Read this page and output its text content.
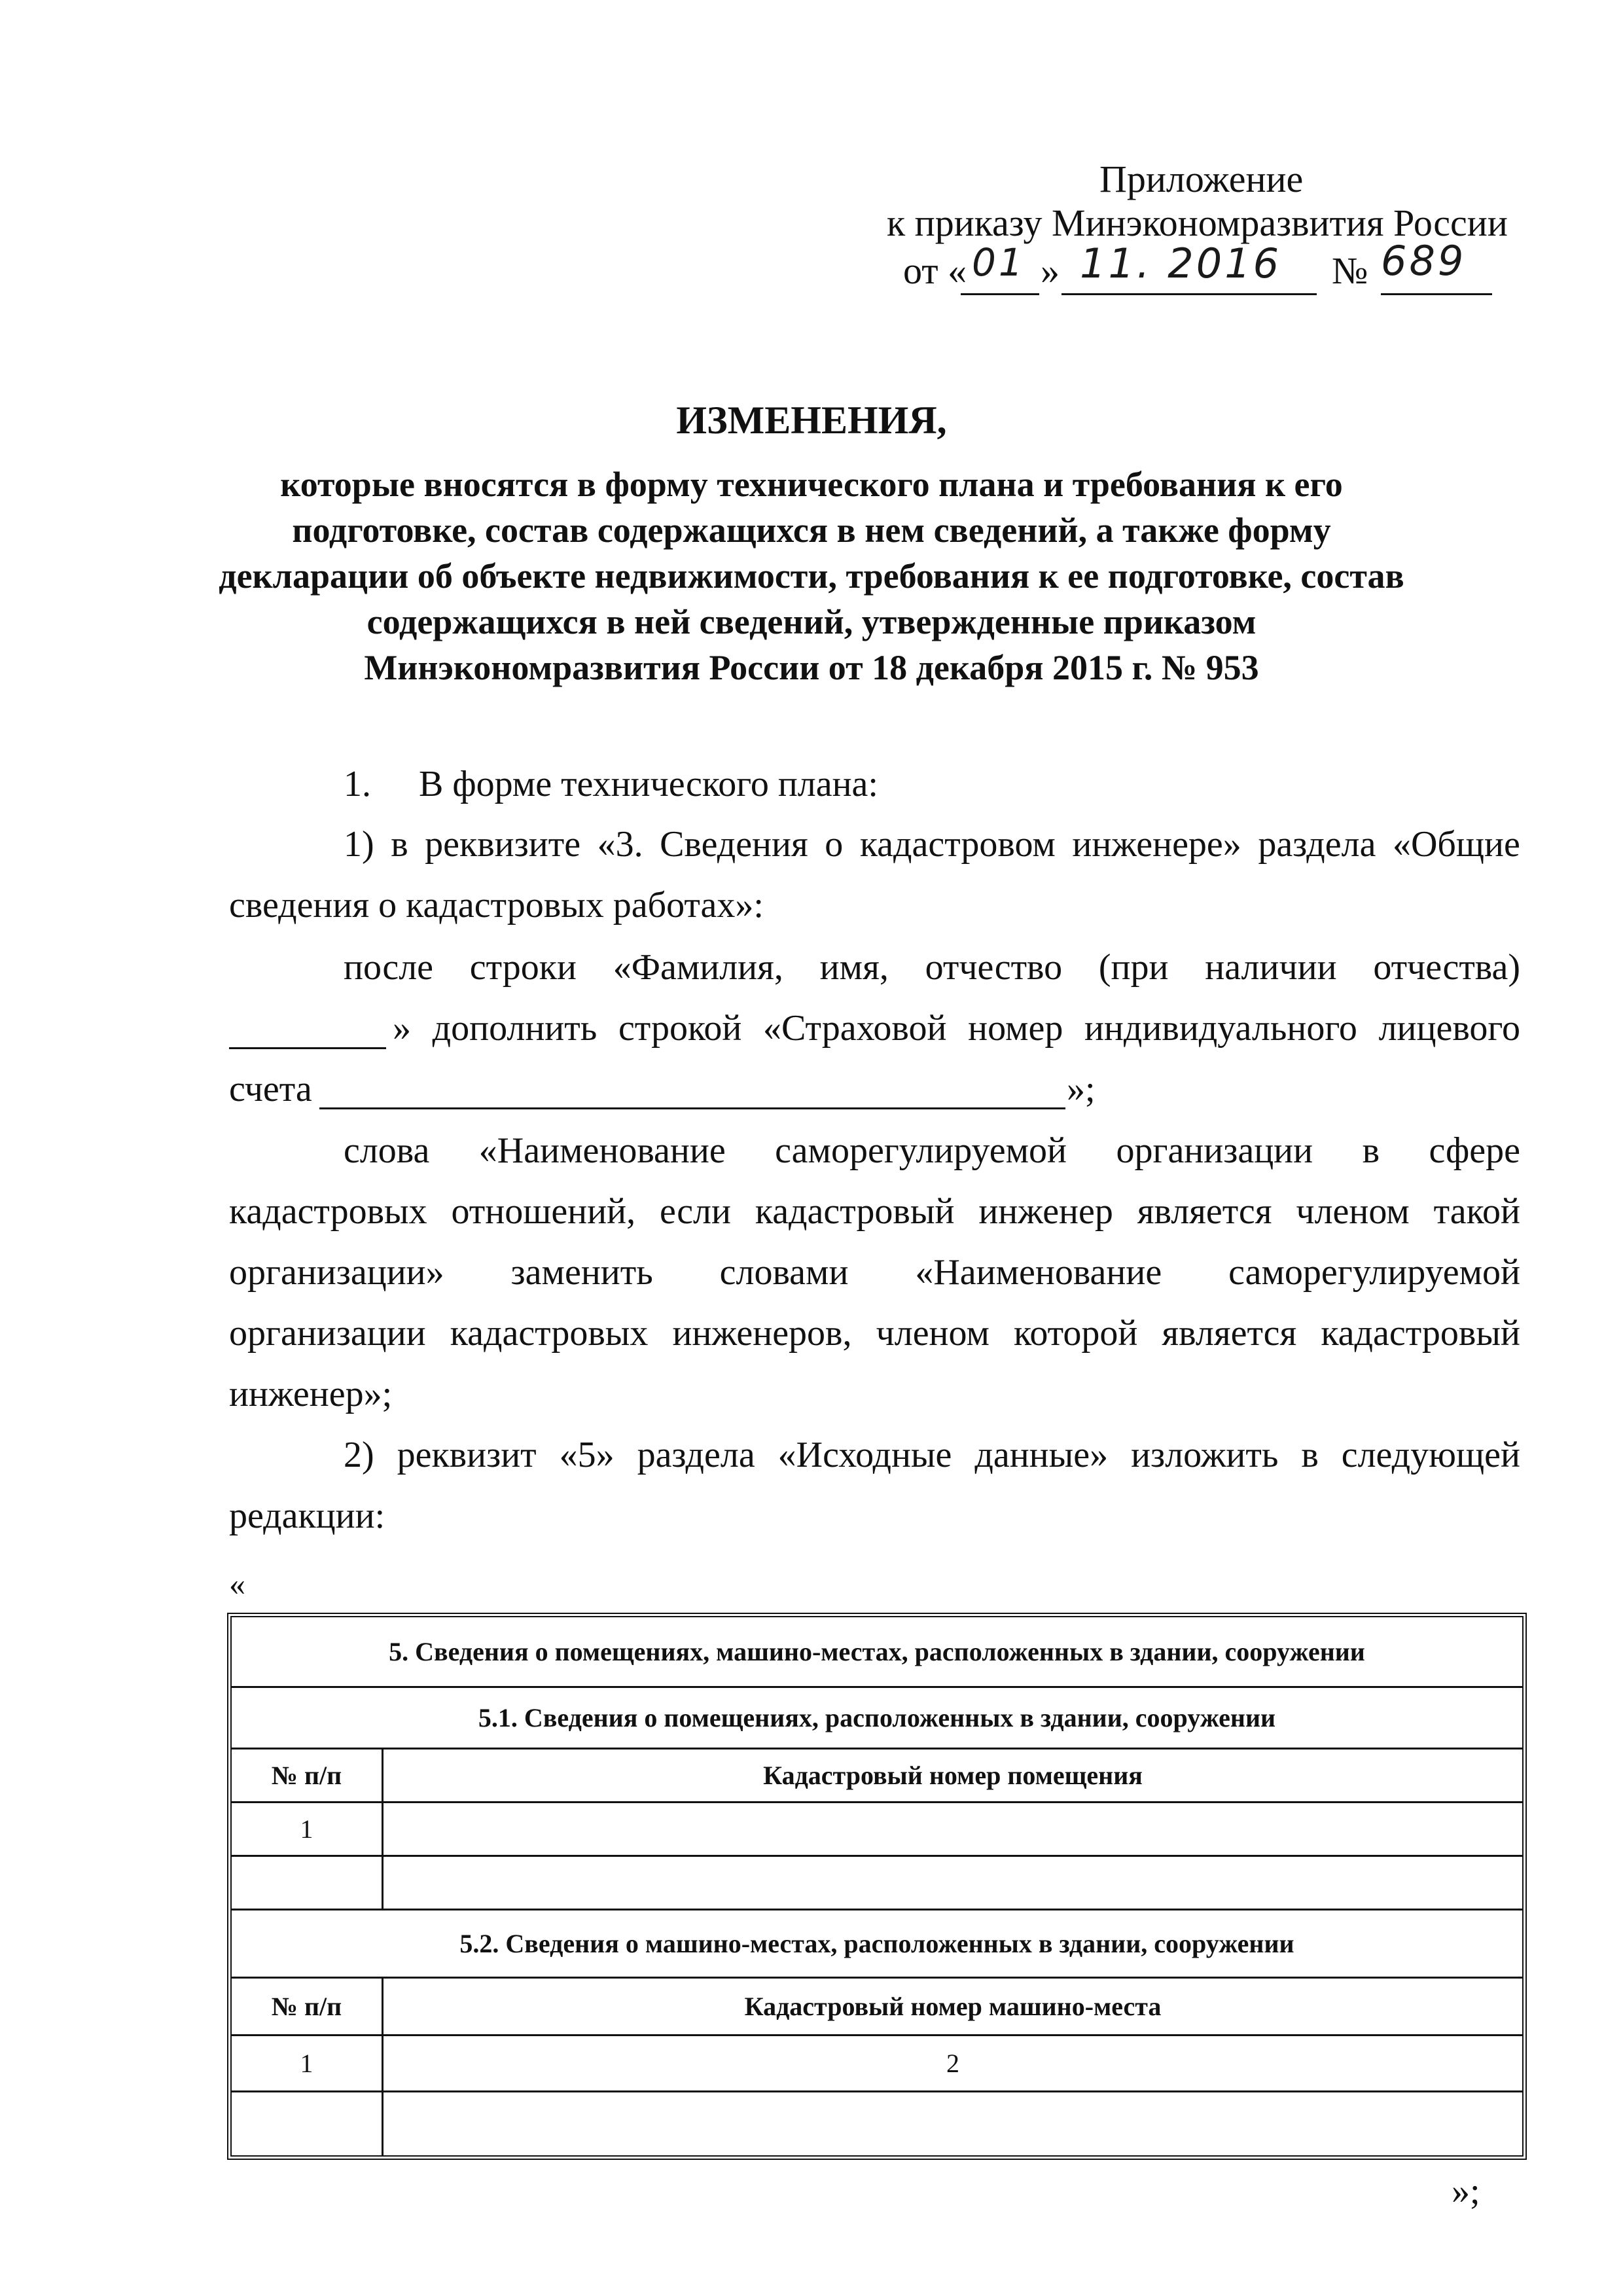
Приложение
к приказу Минэкономразвития России
от « 01 » 11. 2016 № 689
ИЗМЕНЕНИЯ,
которые вносятся в форму технического плана и требования к его
подготовке, состав содержащихся в нем сведений, а также форму
декларации об объекте недвижимости, требования к ее подготовке, состав
содержащихся в ней сведений, утвержденные приказом
Минэкономразвития России от 18 декабря 2015 г. № 953
1. В форме технического плана:
1) в реквизите «3. Сведения о кадастровом инженере» раздела «Общие
сведения о кадастровых работах»:
после строки «Фамилия, имя, отчество (при наличии отчества)
» дополнить строкой «Страховой номер индивидуального лицевого
счета	»;
слова «Наименование саморегулируемой организации в сфере
кадастровых отношений, если кадастровый инженер является членом такой
организации» заменить словами «Наименование саморегулируемой
организации кадастровых инженеров, членом которой является кадастровый
инженер»;
2) реквизит «5» раздела «Исходные данные» изложить в следующей
редакции:
«
5. Сведения о помещениях, машино-местах, расположенных в здании, сооружении
5.1. Сведения о помещениях, расположенных в здании, сооружении
№ п/п	Кадастровый номер помещения
1
5.2. Сведения о машино-местах, расположенных в здании, сооружении
№ п/п	Кадастровый номер машино-места
1	2
»;
